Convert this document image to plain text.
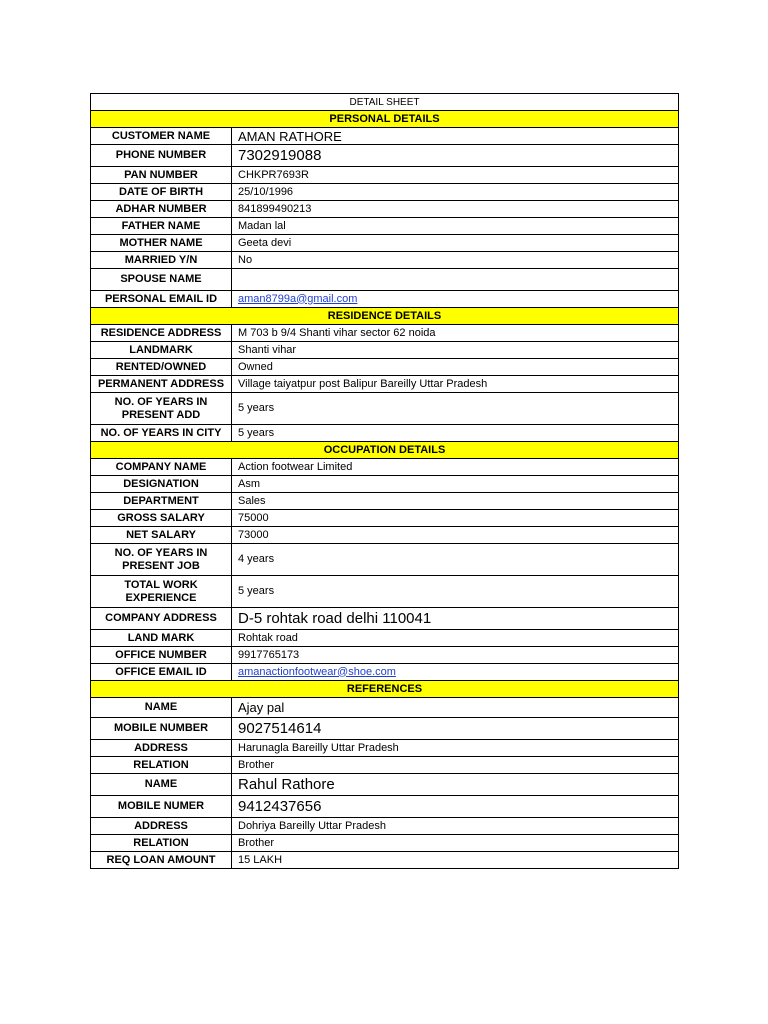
DETAIL SHEET	
PERSONAL DETAILS	
CUSTOMER NAME	AMAN RATHORE
PHONE NUMBER	7302919088
PAN NUMBER	CHKPR7693R
DATE OF BIRTH	25/10/1996
ADHAR NUMBER	841899490213
FATHER NAME	Madan lal
MOTHER NAME	Geeta devi
MARRIED Y/N	No
SPOUSE NAME	
PERSONAL EMAIL ID	aman8799a@gmail.com
RESIDENCE DETAILS	
RESIDENCE ADDRESS	M 703 b 9/4 Shanti vihar sector 62 noida
LANDMARK	Shanti vihar
RENTED/OWNED	Owned
PERMANENT ADDRESS	Village taiyatpur post Balipur Bareilly Uttar Pradesh
NO. OF YEARS IN PRESENT ADD	5 years
NO. OF YEARS IN CITY	5 years
OCCUPATION DETAILS	
COMPANY NAME	Action footwear Limited
DESIGNATION	Asm
DEPARTMENT	Sales
GROSS SALARY	75000
NET SALARY	73000
NO. OF YEARS IN PRESENT JOB	4 years
TOTAL WORK EXPERIENCE	5 years
COMPANY ADDRESS	D-5 rohtak road delhi 110041
LAND MARK	Rohtak road
OFFICE NUMBER	9917765173
OFFICE EMAIL ID	amanactionfootwear@shoe.com
REFERENCES	
NAME	Ajay pal
MOBILE NUMBER	9027514614
ADDRESS	Harunagla Bareilly Uttar Pradesh
RELATION	Brother
NAME	Rahul Rathore
MOBILE NUMER	9412437656
ADDRESS	Dohriya Bareilly Uttar Pradesh
RELATION	Brother
REQ LOAN AMOUNT	15 LAKH
